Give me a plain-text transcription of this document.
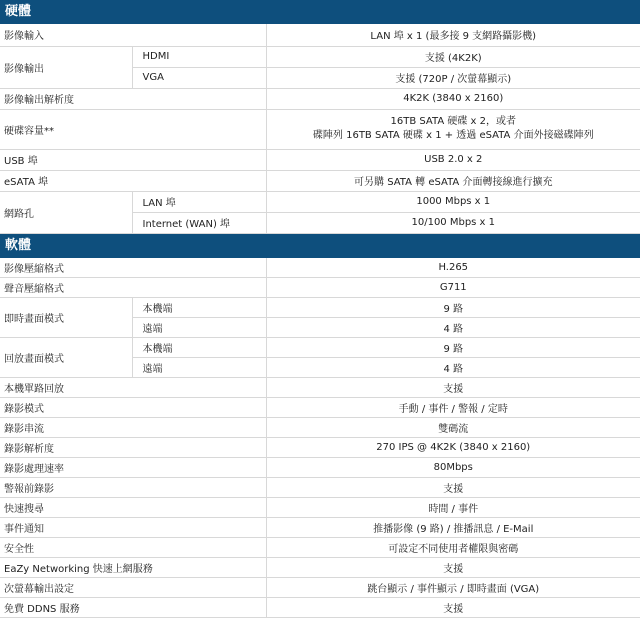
硬體
影像輸入		LAN 埠 x 1 (最多接 9 支網路攝影機)
影像輸出	HDMI	支援 (4K2K)
	VGA	支援 (720P / 次螢幕顯示)
影像輸出解析度		4K2K (3840 x 2160)
硬碟容量**		16TB SATA 硬碟 x 2，或者
碟陣列 16TB SATA 硬碟 x 1 + 透過 eSATA 介面外接磁碟陣列

USB 埠		USB 2.0 x 2
eSATA 埠		可另購 SATA 轉 eSATA 介面轉接線進行擴充
網路孔	LAN 埠	1000 Mbps x 1
	Internet (WAN) 埠	10/100 Mbps x 1
軟體
影像壓縮格式		H.265
聲音壓縮格式		G711
即時畫面模式	本機端	9 路
	遠端	4 路
回放畫面模式	本機端	9 路
	遠端	4 路
本機單路回放		支援
錄影模式		手動 / 事件 / 警報 / 定時
錄影串流		雙碼流
錄影解析度		270 IPS @ 4K2K (3840 x 2160)
錄影處理速率		80Mbps
警報前錄影		支援
快速搜尋		時間 / 事件
事件通知		推播影像 (9 路) / 推播訊息 / E-Mail
安全性		可設定不同使用者權限與密碼
EaZy Networking 快速上網服務		支援
次螢幕輸出設定		跳台顯示 / 事件顯示 / 即時畫面 (VGA)
免費 DDNS 服務		支援
